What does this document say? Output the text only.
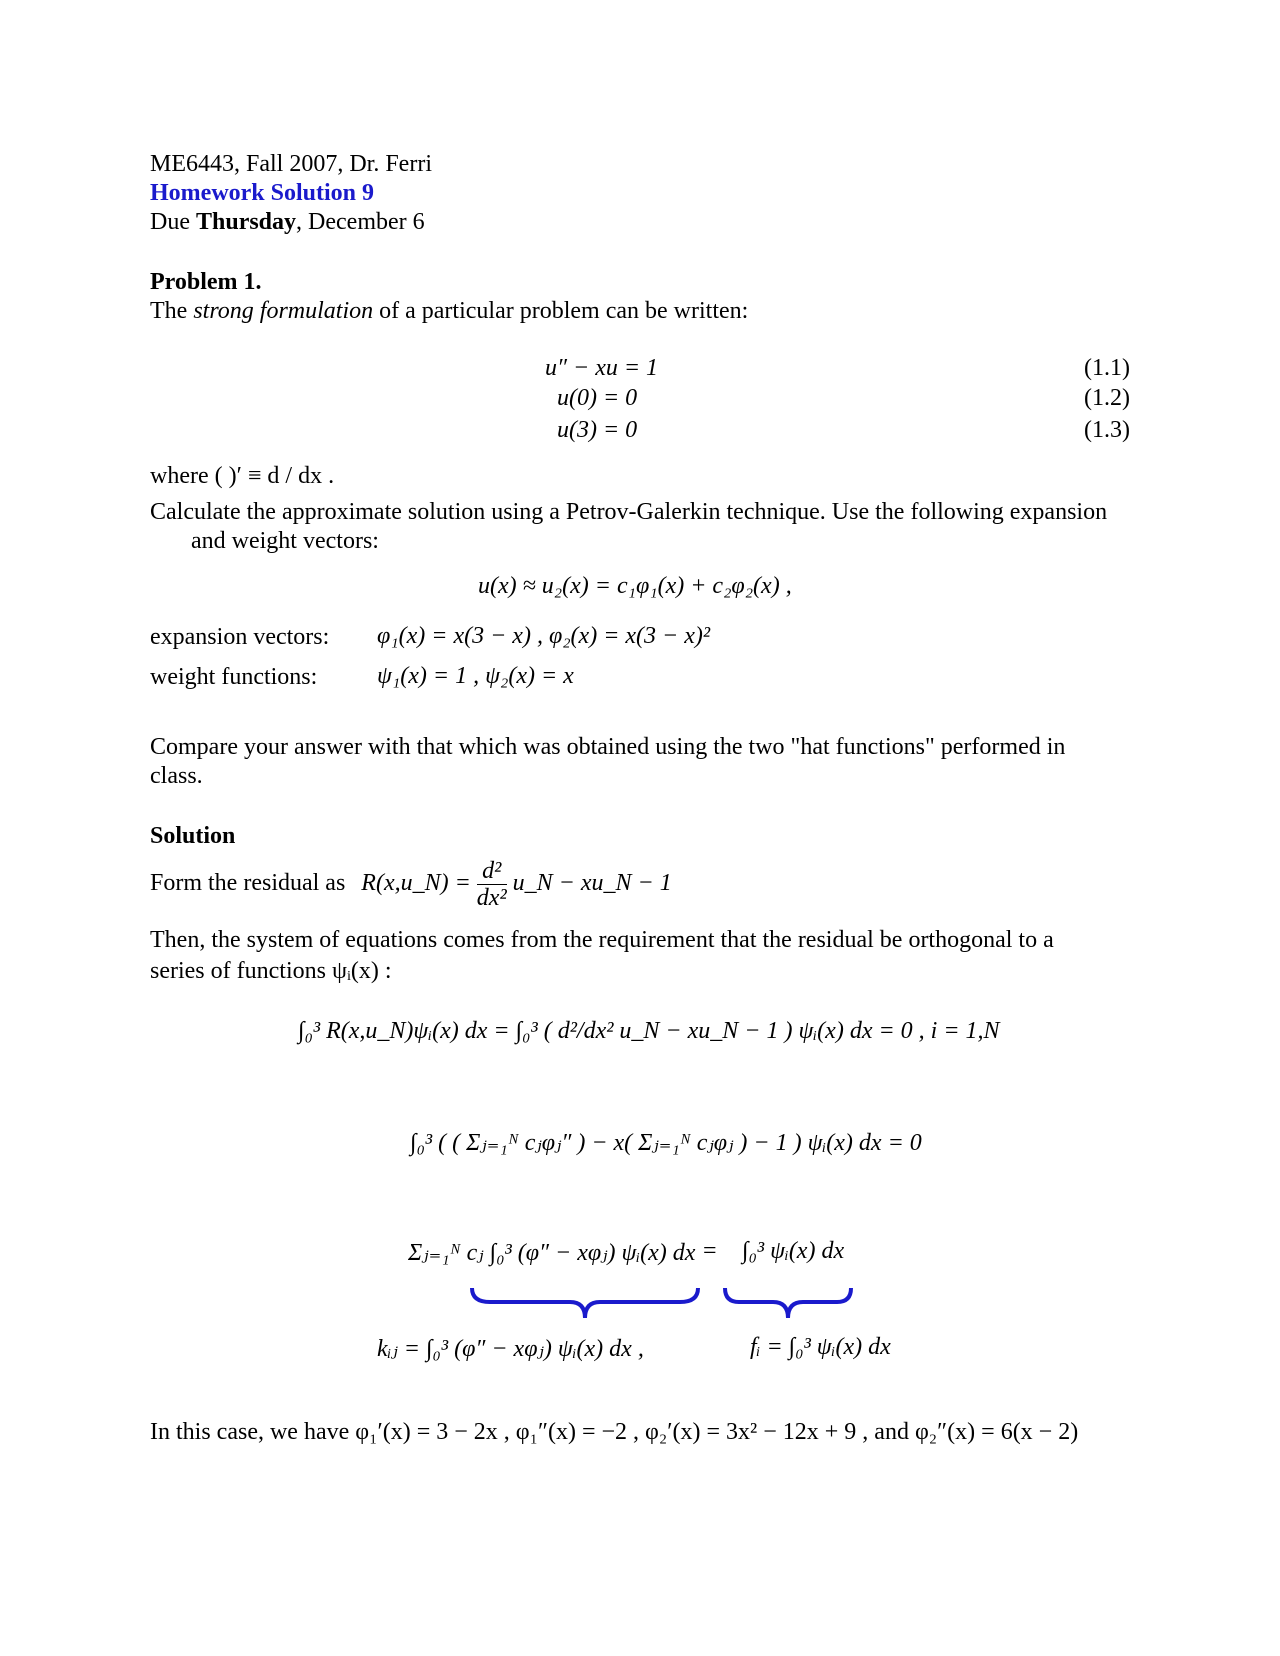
ME6443, Fall 2007, Dr. Ferri
Homework Solution 9
Due Thursday, December 6
Problem 1.
The strong formulation of a particular problem can be written:
u″ − xu = 1
u(0) = 0
u(3) = 0
(1.1)
(1.2)
(1.3)
where ( )′ ≡ d / dx .
Calculate the approximate solution using a Petrov-Galerkin technique. Use the following expansion
and weight vectors:
u(x) ≈ u₂(x) = c₁φ₁(x) + c₂φ₂(x) ,
expansion vectors: φ₁(x) = x(3 − x) , φ₂(x) = x(3 − x)²
weight functions: ψ₁(x) = 1 , ψ₂(x) = x
Compare your answer with that which was obtained using the two "hat functions" performed in
class.
Solution
Form the residual as R(x,u_N) = $\frac{\text{d²}}{\text{dx²}}$ u_N − xu_N − 1
Then, the system of equations comes from the requirement that the residual be orthogonal to a
series of functions ψᵢ(x) :
∫₀³ R(x,u_N)ψᵢ(x) dx = ∫₀³ ( d²/dx² u_N − xu_N − 1 ) ψᵢ(x) dx = 0 , i = 1,N
∫₀³ ( ( Σⱼ₌₁ᴺ cⱼφⱼ″ ) − x( Σⱼ₌₁ᴺ cⱼφⱼ ) − 1 ) ψᵢ(x) dx = 0
Σⱼ₌₁ᴺ cⱼ ∫₀³ (φ″ − xφⱼ) ψᵢ(x) dx = ∫₀³ ψᵢ(x) dx
kᵢⱼ = ∫₀³ (φ″ − xφⱼ) ψᵢ(x) dx ,	fᵢ = ∫₀³ ψᵢ(x) dx
In this case, we have φ₁′(x) = 3 − 2x , φ₁″(x) = −2 , φ₂′(x) = 3x² − 12x + 9 , and φ₂″(x) = 6(x − 2)
